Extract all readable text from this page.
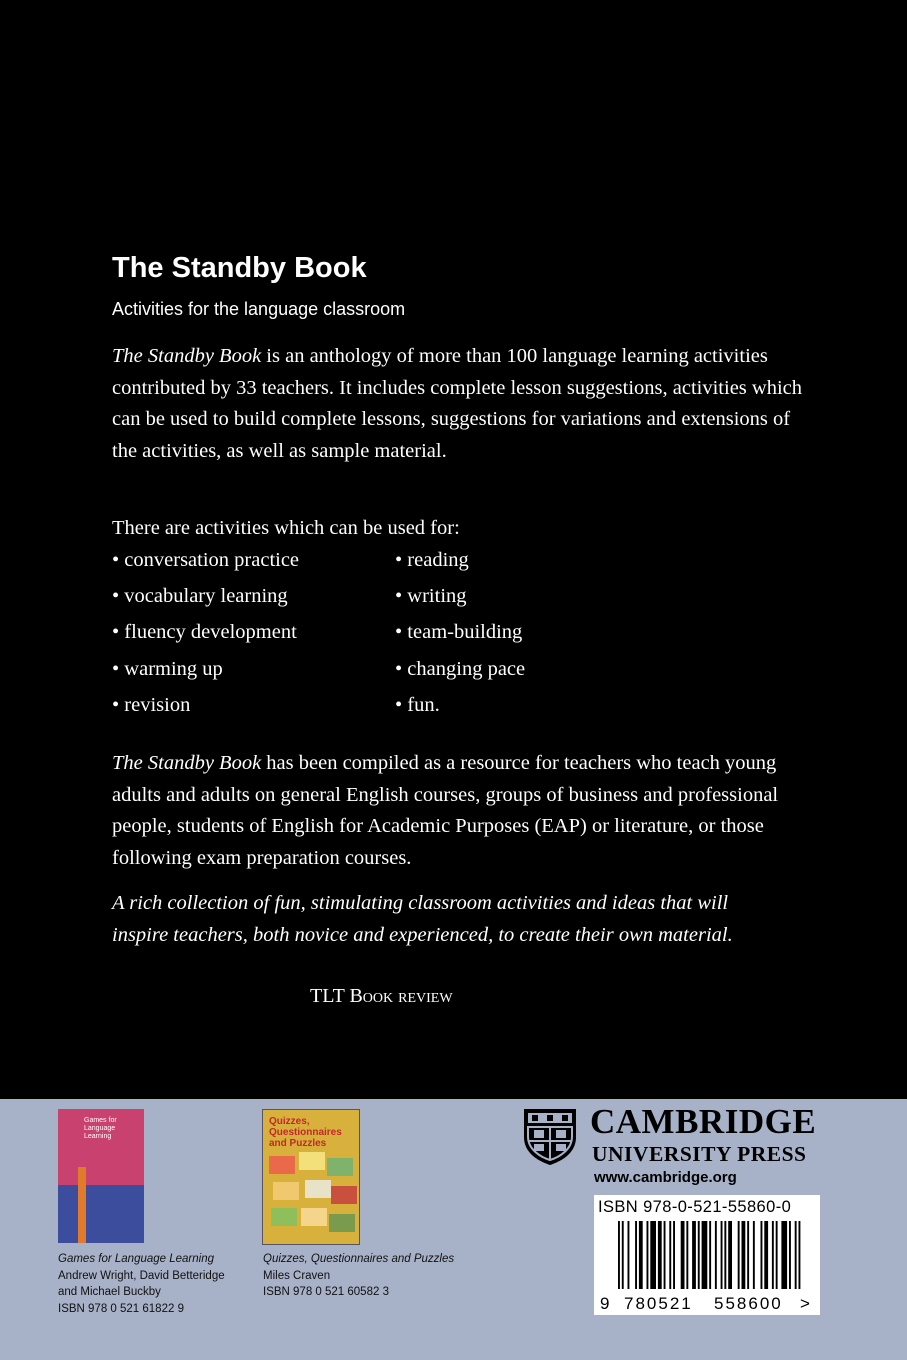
The Standby Book

Activities for the language classroom

The Standby Book is an anthology of more than 100 language learning activities contributed by 33 teachers. It includes complete lesson suggestions, activities which can be used to build complete lessons, suggestions for variations and extensions of the activities, as well as sample material.

There are activities which can be used for:

• conversation practice
• vocabulary learning
• fluency development
• warming up
• revision
• reading
• writing
• team-building
• changing pace
• fun.

The Standby Book has been compiled as a resource for teachers who teach young adults and adults on general English courses, groups of business and professional people, students of English for Academic Purposes (EAP) or literature, or those following exam preparation courses.

A rich collection of fun, stimulating classroom activities and ideas that will inspire teachers, both novice and experienced, to create their own material.

TLT Book review

Games for Language Learning

Games for Language Learning
Andrew Wright, David Betteridge
and Michael Buckby
ISBN 978 0 521 61822 9

Quizzes, Questionnaires and Puzzles

Quizzes, Questionnaires and Puzzles
Miles Craven
ISBN 978 0 521 60582 3

CAMBRIDGE

UNIVERSITY PRESS

www.cambridge.org

ISBN 978-0-521-55860-0

9 780521 558600 >
